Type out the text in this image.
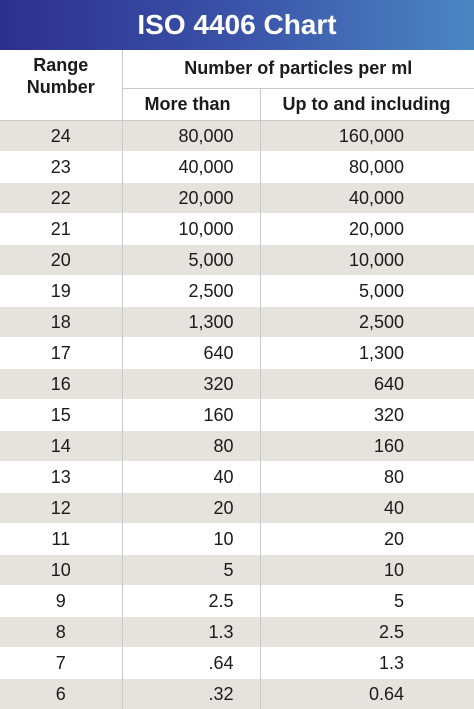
ISO 4406 Chart
Range
Number	Number of particles per ml	
	More than	Up to and including
24	80,000	160,000
23	40,000	80,000
22	20,000	40,000
21	10,000	20,000
20	5,000	10,000
19	2,500	5,000
18	1,300	2,500
17	640	1,300
16	320	640
15	160	320
14	80	160
13	40	80
12	20	40
11	10	20
10	5	10
9	2.5	5
8	1.3	2.5
7	.64	1.3
6	.32	0.64
